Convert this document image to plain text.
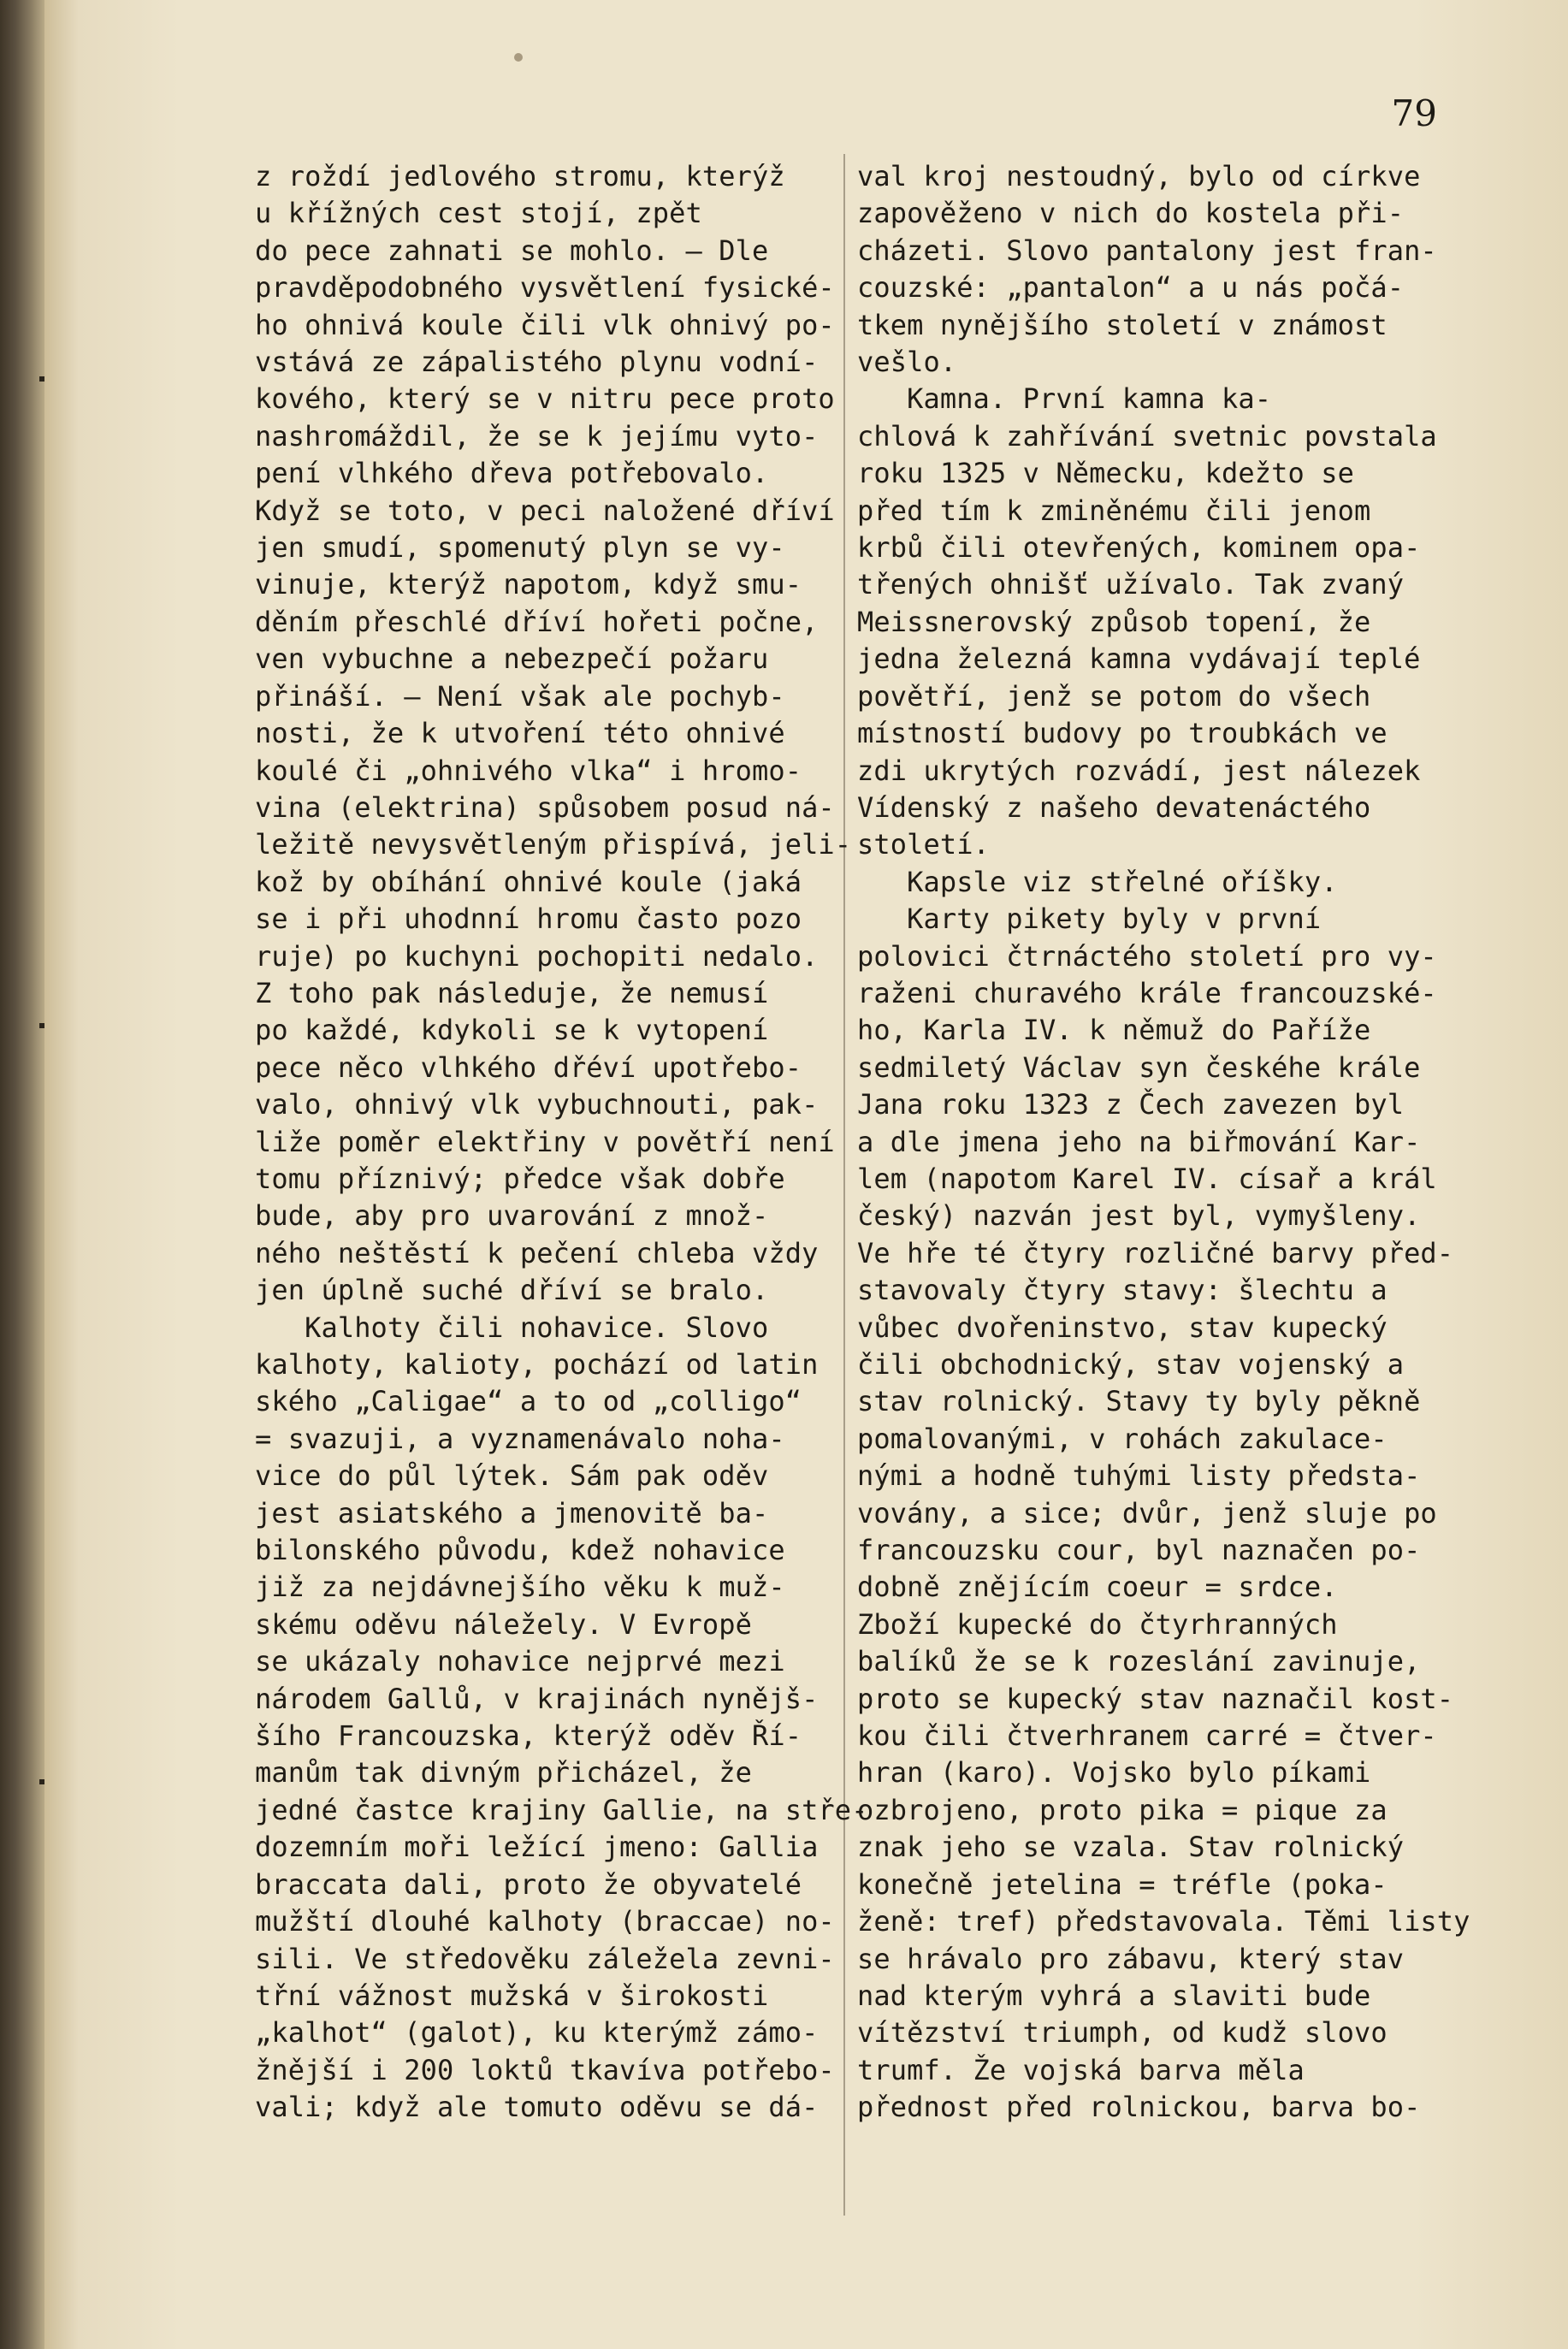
79
z roždí jedlového stromu, kterýž
u křížných cest stojí, zpět
do pece zahnati se mohlo. — Dle
pravděpodobného vysvětlení fysické-
ho ohnivá koule čili vlk ohnivý po-
vstává ze zápalistého plynu vodní-
kového, který se v nitru pece proto
nashromáždil, že se k jejímu vyto-
pení vlhkého dřeva potřebovalo.
Když se toto, v peci naložené dříví
jen smudí, spomenutý plyn se vy-
vinuje, kterýž napotom, když smu-
děním přeschlé dříví hořeti počne,
ven vybuchne a nebezpečí požaru
přináší. — Není však ale pochyb-
nosti, že k utvoření této ohnivé
koulé či „ohnivého vlka“ i hromo-
vina (elektrina) spůsobem posud ná-
ležitě nevysvětleným přispívá, jeli-
kož by obíhání ohnivé koule (jaká
se i při uhodnní hromu často pozo
ruje) po kuchyni pochopiti nedalo.
Z toho pak následuje, že nemusí
po každé, kdykoli se k vytopení
pece něco vlhkého dřéví upotřebo-
valo, ohnivý vlk vybuchnouti, pak-
liže poměr elektřiny v povětří není
tomu příznivý; předce však dobře
bude, aby pro uvarování z množ-
ného neštěstí k pečení chleba vždy
jen úplně suché dříví se bralo.
Kalhoty čili nohavice. Slovo
kalhoty, kalioty, pochází od latin
ského „Caligae“ a to od „colligo“
= svazuji, a vyznamenávalo noha-
vice do půl lýtek. Sám pak oděv
jest asiatského a jmenovitě ba-
bilonského původu, kdež nohavice
již za nejdávnejšího věku k muž-
skému oděvu náležely. V Evropě
se ukázaly nohavice nejprvé mezi
národem Gallů, v krajinách nynějš-
šího Francouzska, kterýž oděv Ří-
manům tak divným přicházel, že
jedné častce krajiny Gallie, na stře-
dozemním moři ležící jmeno: Gallia
braccata dali, proto že obyvatelé
mužští dlouhé kalhoty (braccae) no-
sili. Ve středověku záležela zevni-
třní vážnost mužská v širokosti
„kalhot“ (galot), ku kterýmž zámo-
žnější i 200 loktů tkavíva potřebo-
vali; když ale tomuto oděvu se dá-
val kroj nestoudný, bylo od církve
zapověženo v nich do kostela při-
cházeti. Slovo pantalony jest fran-
couzské: „pantalon“ a u nás počá-
tkem nynějšího století v známost
vešlo.
Kamna. První kamna ka-
chlová k zahřívání svetnic povstala
roku 1325 v Německu, kdežto se
před tím k zminěnému čili jenom
krbů čili otevřených, kominem opa-
třených ohnišť užívalo. Tak zvaný
Meissnerovský způsob topení, že
jedna železná kamna vydávají teplé
povětří, jenž se potom do všech
místností budovy po troubkách ve
zdi ukrytých rozvádí, jest nálezek
Vídenský z našeho devatenáctého
století.
Kapsle viz střelné oříšky.
Karty pikety byly v první
polovici čtrnáctého století pro vy-
raženi churavého krále francouzské-
ho, Karla IV. k němuž do Paříže
sedmiletý Václav syn českéhe krále
Jana roku 1323 z Čech zavezen byl
a dle jmena jeho na biřmování Kar-
lem (napotom Karel IV. císař a král
český) nazván jest byl, vymyšleny.
Ve hře té čtyry rozličné barvy před-
stavovaly čtyry stavy: šlechtu a
vůbec dvořeninstvo, stav kupecký
čili obchodnický, stav vojenský a
stav rolnický. Stavy ty byly pěkně
pomalovanými, v rohách zakulace-
nými a hodně tuhými listy předsta-
vovány, a sice; dvůr, jenž sluje po
francouzsku cour, byl naznačen po-
dobně znějícím coeur = srdce.
Zboží kupecké do čtyrhranných
balíků že se k rozeslání zavinuje,
proto se kupecký stav naznačil kost-
kou čili čtverhranem carré = čtver-
hran (karo). Vojsko bylo píkami
ozbrojeno, proto pika = pique za
znak jeho se vzala. Stav rolnický
konečně jetelina = tréfle (poka-
ženě: tref) představovala. Těmi listy
se hrávalo pro zábavu, který stav
nad kterým vyhrá a slaviti bude
vítězství triumph, od kudž slovo
trumf. Že vojská barva měla
přednost před rolnickou, barva bo-
